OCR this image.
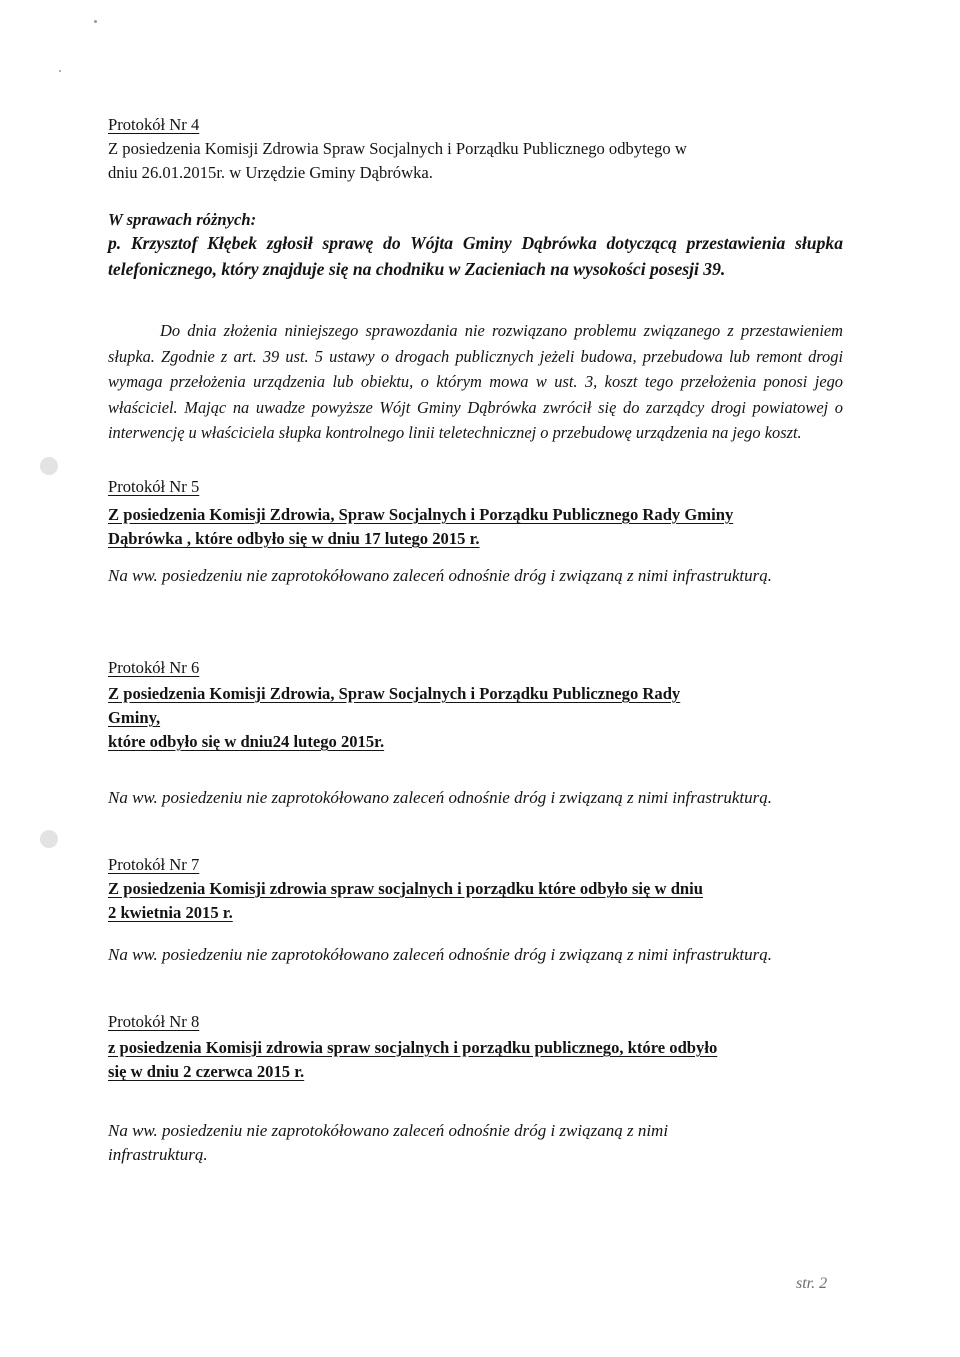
Protokół Nr 4
Z posiedzenia Komisji Zdrowia Spraw Socjalnych i Porządku Publicznego odbytego w
dniu 26.01.2015r. w Urzędzie Gminy Dąbrówka.
W sprawach różnych:

p. Krzysztof Kłębek zgłosił sprawę do Wójta Gminy Dąbrówka dotyczącą przestawienia słupka telefonicznego, który znajduje się na chodniku w Zacieniach na wysokości posesji 39.

Do dnia złożenia niniejszego sprawozdania nie rozwiązano problemu związanego z przestawieniem słupka. Zgodnie z art. 39 ust. 5 ustawy o drogach publicznych jeżeli budowa, przebudowa lub remont drogi wymaga przełożenia urządzenia lub obiektu, o którym mowa w ust. 3, koszt tego przełożenia ponosi jego właściciel. Mając na uwadze powyższe Wójt Gminy Dąbrówka zwrócił się do zarządcy drogi powiatowej o interwencję u właściciela słupka kontrolnego linii teletechnicznej o przebudowę urządzenia na jego koszt.

Protokół Nr 5
Z posiedzenia Komisji Zdrowia, Spraw Socjalnych i Porządku Publicznego Rady Gminy
Dąbrówka , które odbyło się w dniu 17 lutego 2015 r.

Na ww. posiedzeniu nie zaprotokółowano zaleceń odnośnie dróg i związaną z nimi infrastrukturą.

Protokół Nr 6
Z posiedzenia Komisji Zdrowia, Spraw Socjalnych i Porządku Publicznego Rady
Gminy,
które odbyło się w dniu24 lutego 2015r.

Na ww. posiedzeniu nie zaprotokółowano zaleceń odnośnie dróg i związaną z nimi infrastrukturą.

Protokół Nr 7
Z posiedzenia Komisji zdrowia spraw socjalnych i porządku które odbyło się w dniu
2 kwietnia 2015 r.

Na ww. posiedzeniu nie zaprotokółowano zaleceń odnośnie dróg i związaną z nimi infrastrukturą.

Protokół Nr 8
z posiedzenia Komisji zdrowia spraw socjalnych i porządku publicznego, które odbyło
się w dniu 2 czerwca 2015 r.
Na ww. posiedzeniu nie zaprotokółowano zaleceń odnośnie dróg i związaną z nimi
infrastrukturą.
str. 2
